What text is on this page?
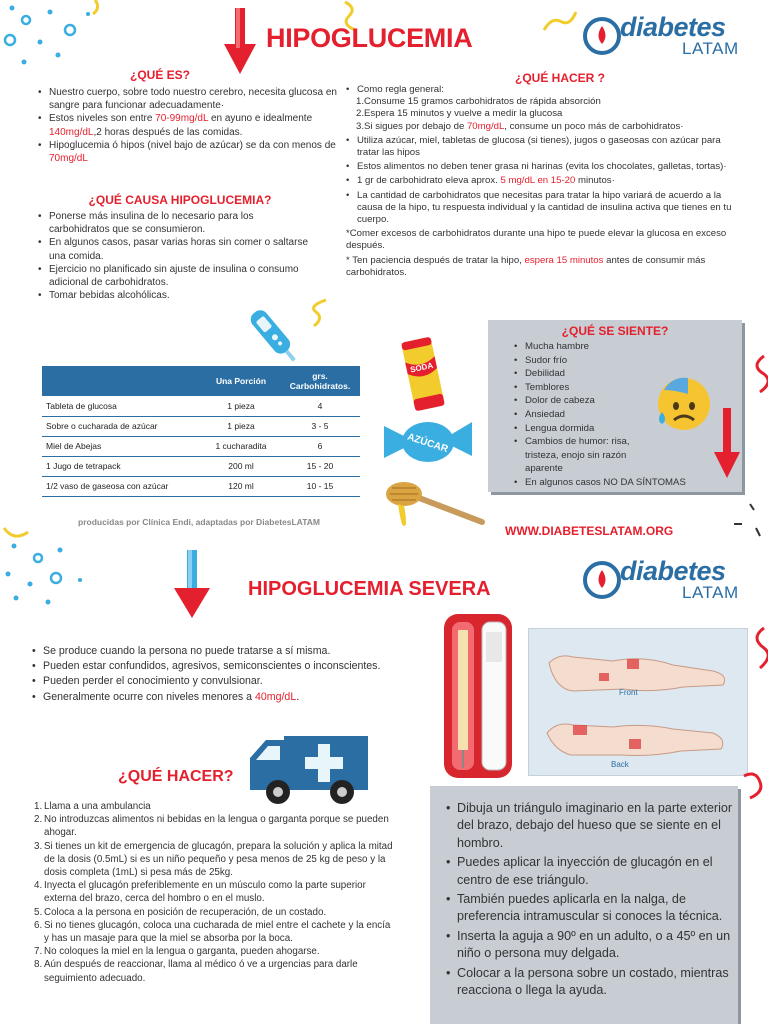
HIPOGLUCEMIA	diabetes
LATAM
¿QUÉ ES?
• Nuestro cuerpo, sobre todo nuestro cerebro, necesita glucosa en sangre para funcionar adecuadamente·
• Estos niveles son entre 70-99mg/dL en ayuno e idealmente 140mg/dL,2 horas después de las comidas.
• Hipoglucemia ó hipos (nivel bajo de azúcar) se da con menos de 70mg/dL
¿QUÉ CAUSA HIPOGLUCEMIA?
• Ponerse más insulina de lo necesario para los carbohidratos que se consumieron.
• En algunos casos, pasar varias horas sin comer o saltarse una comida.
• Ejercicio no planificado sin ajuste de insulina o consumo adicional de carbohidratos.
• Tomar bebidas alcohólicas.
¿QUÉ HACER ?
• Como regla general:
1.Consume 15 gramos carbohidratos de rápida absorción
2.Espera 15 minutos y vuelve a medir la glucosa
3.Si sigues por debajo de 70mg/dL, consume un poco más de carbohidratos·
• Utiliza azúcar, miel, tabletas de glucosa (si tienes), jugos o gaseosas con azúcar para tratar las hipos
• Estos alimentos no deben tener grasa ni harinas (evita los chocolates, galletas, tortas)·
• 1 gr de carbohidrato eleva aprox. 5 mg/dL en 15-20 minutos·
• La cantidad de carbohidratos que necesitas para tratar la hipo variará de acuerdo a la causa de la hipo, tu respuesta individual y la cantidad de insulina activa que tienes en tu cuerpo.

*Comer excesos de carbohidratos durante una hipo te puede elevar la glucosa en exceso después.

* Ten paciencia después de tratar la hipo, espera 15 minutos antes de consumir más carbohidratos.

	Una Porción	grs. Carbohidratos.
Tableta de glucosa	1 pieza	4
Sobre o cucharada de azúcar	1 pieza	3 - 5
Miel de Abejas	1 cucharadita	6
1 Jugo de tetrapack	200 ml	15 - 20
1/2 vaso de gaseosa con azúcar	120 ml	10 - 15
producidas por Clínica Endi, adaptadas por DiabetesLATAM
SODA
AZÚCAR
¿QUÉ SE SIENTE?
• Mucha hambre
• Sudor frío
• Debilidad
• Temblores
• Dolor de cabeza
• Ansiedad
• Lengua dormida
• Cambios de humor: risa, tristeza, enojo sin razón aparente
• En algunos casos NO DA SÍNTOMAS
WWW.DIABETESLATAM.ORG
HIPOGLUCEMIA SEVERA
diabetes
LATAM
• Se produce cuando la persona no puede tratarse a sí misma.
• Pueden estar confundidos, agresivos, semiconscientes o inconscientes.
• Pueden perder el conocimiento y convulsionar.
• Generalmente ocurre con niveles menores a 40mg/dL.
¿QUÉ HACER?
1. Llama a una ambulancia
2. No introduzcas alimentos ni bebidas en la lengua o garganta porque se pueden ahogar.
3. Si tienes un kit de emergencia de glucagón, prepara la solución y aplica la mitad de la dosis (0.5mL) si es un niño pequeño y pesa menos de 25 kg de peso y la dosis completa (1mL) si pesa más de 25kg.
4. Inyecta el glucagón preferiblemente en un músculo como la parte superior externa del brazo, cerca del hombro o en el muslo.
5. Coloca a la persona en posición de recuperación, de un costado.
6. Si no tienes glucagón, coloca una cucharada de miel entre el cachete y la encía y has un masaje para que la miel se absorba por la boca.
7. No coloques la miel en la lengua o garganta, pueden ahogarse.
8. Aún después de reaccionar, llama al médico ó ve a urgencias para darle seguimiento adecuado.
Front
Back
• Dibuja un triángulo imaginario en la parte exterior del brazo, debajo del hueso que se siente en el hombro.
• Puedes aplicar la inyección de glucagón en el centro de ese triángulo.
• También puedes aplicarla en la nalga, de preferencia intramuscular si conoces la técnica.
• Inserta la aguja a 90º en un adulto, o a 45º en un niño o persona muy delgada.
• Colocar a la persona sobre un costado, mientras reacciona o llega la ayuda.
